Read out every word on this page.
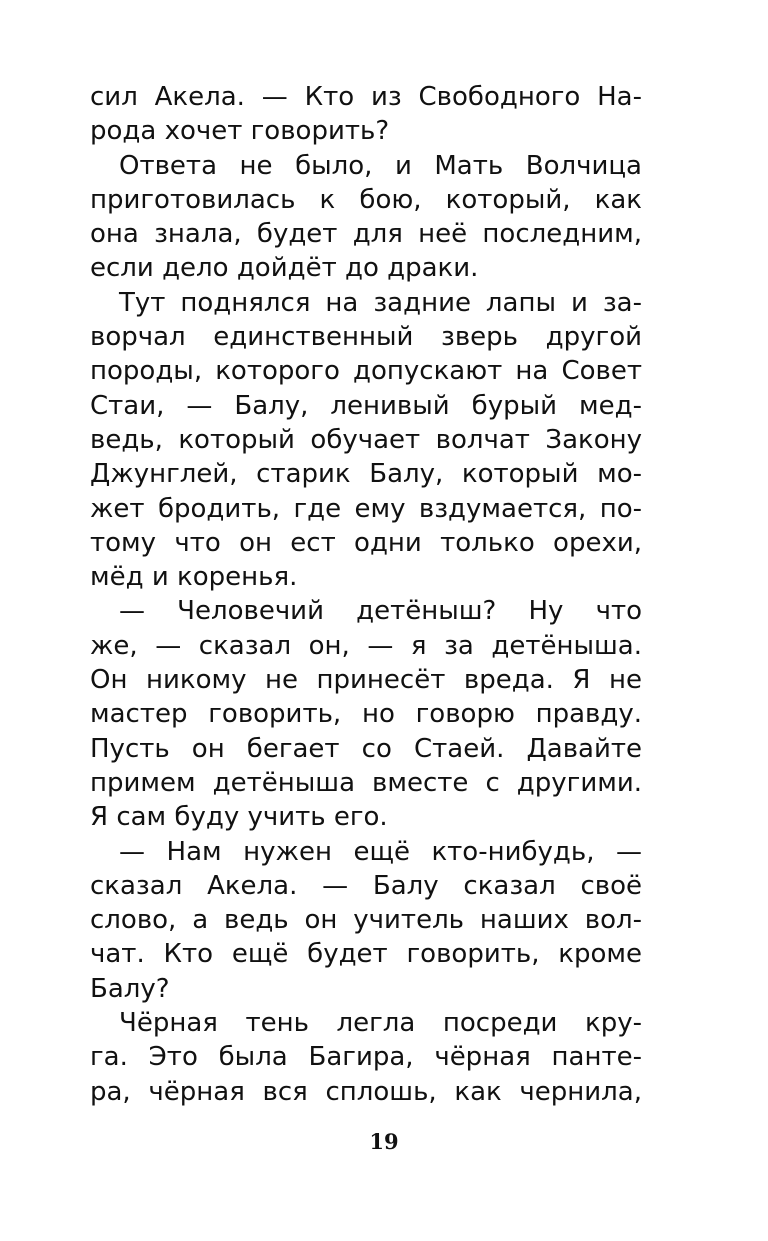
сил Акела. — Кто из Свободного На-
рода хочет говорить?
Ответа не было, и Мать Волчица
приготовилась к бою, который, как
она знала, будет для неё последним,
если дело дойдёт до драки.
Тут поднялся на задние лапы и за-
ворчал единственный зверь другой
породы, которого допускают на Совет
Стаи, — Балу, ленивый бурый мед-
ведь, который обучает волчат Закону
Джунглей, старик Балу, который мо-
жет бродить, где ему вздумается, по-
тому что он ест одни только орехи,
мёд и коренья.
— Человечий детёныш? Ну что
же, — сказал он, — я за детёныша.
Он никому не принесёт вреда. Я не
мастер говорить, но говорю правду.
Пусть он бегает со Стаей. Давайте
примем детёныша вместе с другими.
Я сам буду учить его.
— Нам нужен ещё кто-нибудь, —
сказал Акела. — Балу сказал своё
слово, а ведь он учитель наших вол-
чат. Кто ещё будет говорить, кроме
Балу?
Чёрная тень легла посреди кру-
га. Это была Багира, чёрная панте-
ра, чёрная вся сплошь, как чернила,
19
